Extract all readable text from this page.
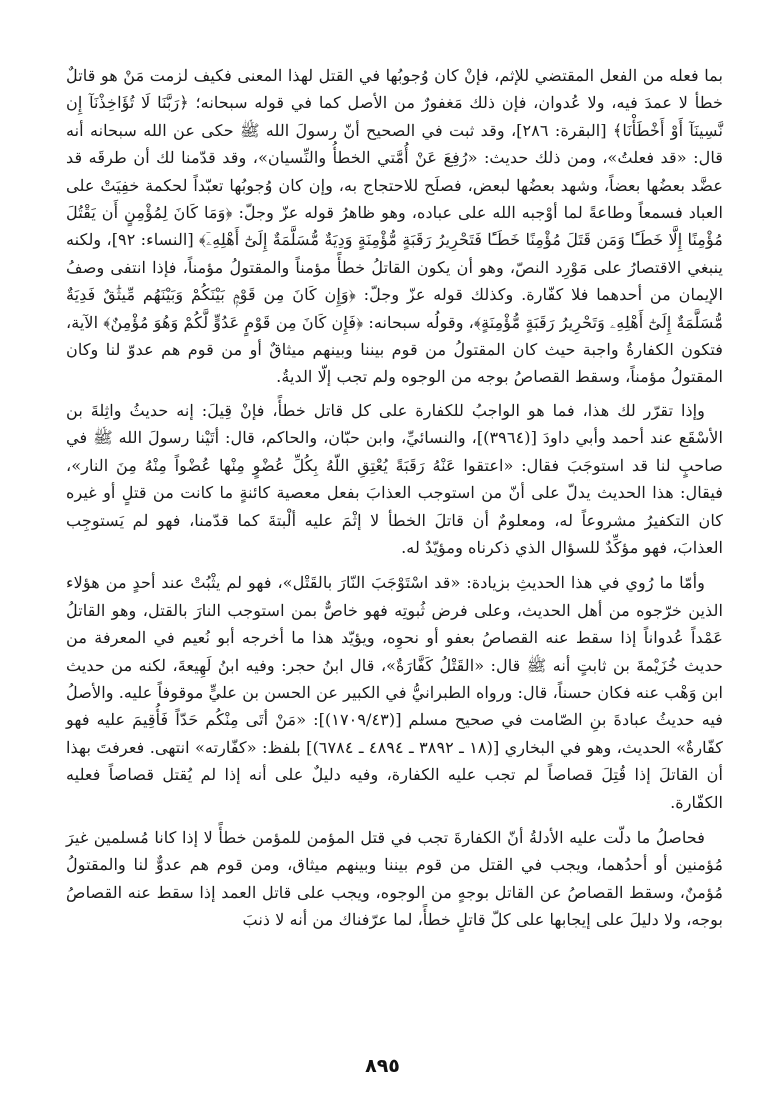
بما فعله من الفعل المقتضي للإثم، فإنْ كان وُجوبُها في القتل لهذا المعنى فكيف لزمت مَنْ هو قاتلٌ خطأ لا عمدَ فيه، ولا عُدوان، فإن ذلك مَغفورٌ من الأصل كما في قوله سبحانه؛ ﴿رَبَّنَا لَا تُؤَاخِذْنَآ إِن نَّسِينَآ أَوْ أَخْطَأْنَا﴾ [البقرة: ٢٨٦]، وقد ثبت في الصحيح أنّ رسولَ الله ﷺ حكى عن الله سبحانه أنه قال: «قد فعلتُ»، ومن ذلك حديث: «رُفِعَ عَنْ أُمَّتي الخطأُ والنِّسيان»، وقد قدّمنا لك أن طرقَه قد عضَّد بعضُها بعضاً، وشهد بعضُها لبعض، فصلَح للاحتجاج به، وإن كان وُجوبُها تعبّداً لحكمة خفِيَتْ على العباد فسمعاً وطاعةً لما أوْجبه الله على عباده، وهو ظاهرُ قوله عزّ وجلّ: ﴿وَمَا كَانَ لِمُؤْمِنٍ أَن يَقْتُلَ مُؤْمِنًا إِلَّا خَطَـًٔا وَمَن قَتَلَ مُؤْمِنًا خَطَـًٔا فَتَحْرِيرُ رَقَبَةٍ مُّؤْمِنَةٍ وَدِيَةٌ مُّسَلَّمَةٌ إِلَىٰٓ أَهْلِهِۦٓ﴾ [النساء: ٩٢]، ولكنه ينبغي الاقتصارُ على مَوْرِد النصّ، وهو أن يكون القاتلُ خطأً مؤمناً والمقتولُ مؤمناً، فإذا انتفى وصفُ الإيمان من أحدهما فلا كفّارة. وكذلك قوله عزّ وجلّ: ﴿وَإِن كَانَ مِن قَوْمٍۭ بَيْنَكُمْ وَبَيْنَهُم مِّيثَٰقٌ فَدِيَةٌ مُّسَلَّمَةٌ إِلَىٰٓ أَهْلِهِۦ وَتَحْرِيرُ رَقَبَةٍ مُّؤْمِنَةٍ﴾، وقولُه سبحانه: ﴿فَإِن كَانَ مِن قَوْمٍ عَدُوٍّ لَّكُمْ وَهُوَ مُؤْمِنٌ﴾ الآية، فتكون الكفارةُ واجبة حيث كان المقتولُ من قوم بيننا وبينهم ميثاقٌ أو من قوم هم عدوّ لنا وكان المقتولُ مؤمناً، وسقط القصاصُ بوجه من الوجوه ولم تجب إلّا الديةُ.

وإذا تقرّر لك هذا، فما هو الواجبُ للكفارة على كل قاتل خطأً، فإنْ قِيلَ: إنه حديثُ واثِلةَ بن الأسْقَع عند أحمد وأبي داودَ [(٣٩٦٤)]، والنسائيِّ، وابن حبّان، والحاكم، قال: أتَيْنا رسولَ الله ﷺ في صاحبٍ لنا قد استوجَبَ فقال: «اعتقوا عَنْهُ رَقَبَةً يُعْتِقِ اللّهُ بِكُلِّ عُضْوٍ مِنْها عُضْواً مِنْهُ مِنَ النار»، فيقال: هذا الحديث يدلّ على أنّ من استوجب العذابَ بفعل معصية كائنةٍ ما كانت من قتلٍ أو غيره كان التكفيرُ مشروعاً له، ومعلومٌ أن قاتلَ الخطأ لا إثْمَ عليه ألْبتةَ كما قدّمنا، فهو لم يَستوجِب العذابَ، فهو مؤكِّدٌ للسؤال الذي ذكرناه ومؤيّدٌ له.

وأمّا ما رُوي في هذا الحديثِ بزيادة: «قد اسْتَوْجَبَ النّارَ بالقَتْل»، فهو لم يثْبُتْ عند أحدٍ من هؤلاء الذين خرّجوه من أهل الحديث، وعلى فرض ثُبوتِه فهو خاصٌّ بمن استوجب النارَ بالقتل، وهو القاتلُ عَمْداً عُدواناً إذا سقط عنه القصاصُ بعفو أو نحوِه، ويؤيّد هذا ما أخرجه أبو نُعيم في المعرفة من حديث خُزَيْمةَ بن ثابتٍ أنه ﷺ قال: «القَتْلُ كَفَّارَةٌ»، قال ابنُ حجر: وفيه ابنُ لَهِيعةَ، لكنه من حديث ابن وَهْب عنه فكان حسناً، قال: ورواه الطبرانيُّ في الكبير عن الحسن بن عليٍّ موقوفاً عليه. والأصلُ فيه حديثُ عبادةَ بنِ الصّامت في صحيح مسلم [(١٧٠٩/٤٣)]: «مَنْ أتَى مِنْكُم حَدّاً فَأُقِيمَ عليه فهو كفّارةٌ» الحديث، وهو في البخاري [(١٨ ـ ٣٨٩٢ ـ ٤٨٩٤ ـ ٦٧٨٤)] بلفظ: «كفّارته» انتهى. فعرفتَ بهذا أن القاتلَ إذا قُتِلَ قصاصاً لم تجب عليه الكفارة، وفيه دليلٌ على أنه إذا لم يُقتل قصاصاً فعليه الكفّارة.

فحاصلُ ما دلّت عليه الأدلةُ أنّ الكفارةَ تجب في قتل المؤمن للمؤمن خطأً لا إذا كانا مُسلمين غيرَ مُؤمنين أو أحدُهما، ويجب في القتل من قوم بيننا وبينهم ميثاق، ومن قوم هم عدوٌّ لنا والمقتولُ مُؤمنٌ، وسقط القصاصُ عن القاتل بوجهٍ من الوجوه، ويجب على قاتل العمد إذا سقط عنه القصاصُ بوجه، ولا دليلَ على إيجابها على كلّ قاتلٍ خطأً، لما عرّفناك من أنه لا ذنبَ

٨٩٥
